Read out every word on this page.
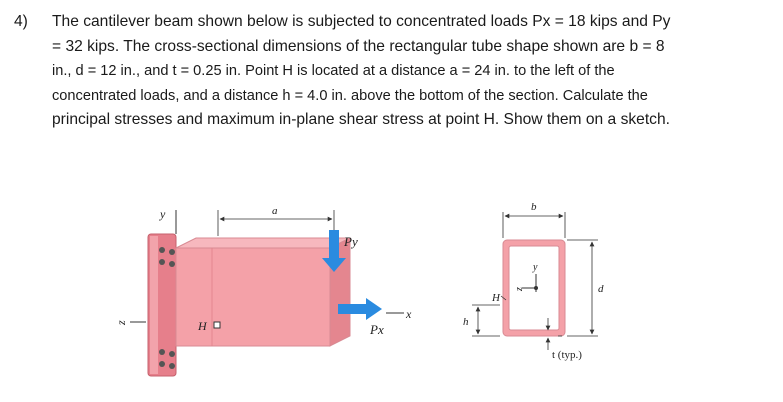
4) The cantilever beam shown below is subjected to concentrated loads Px = 18 kips and Py
= 32 kips. The cross-sectional dimensions of the rectangular tube shape shown are b = 8
in., d = 12 in., and t = 0.25 in. Point H is located at a distance a = 24 in. to the left of the
concentrated loads, and a distance h = 4.0 in. above the bottom of the section. Calculate the
principal stresses and maximum in-plane shear stress at point H. Show them on a sketch.
y
z
a
Py
x
Px
H
b
d
y
z
H
h
t (typ.)
